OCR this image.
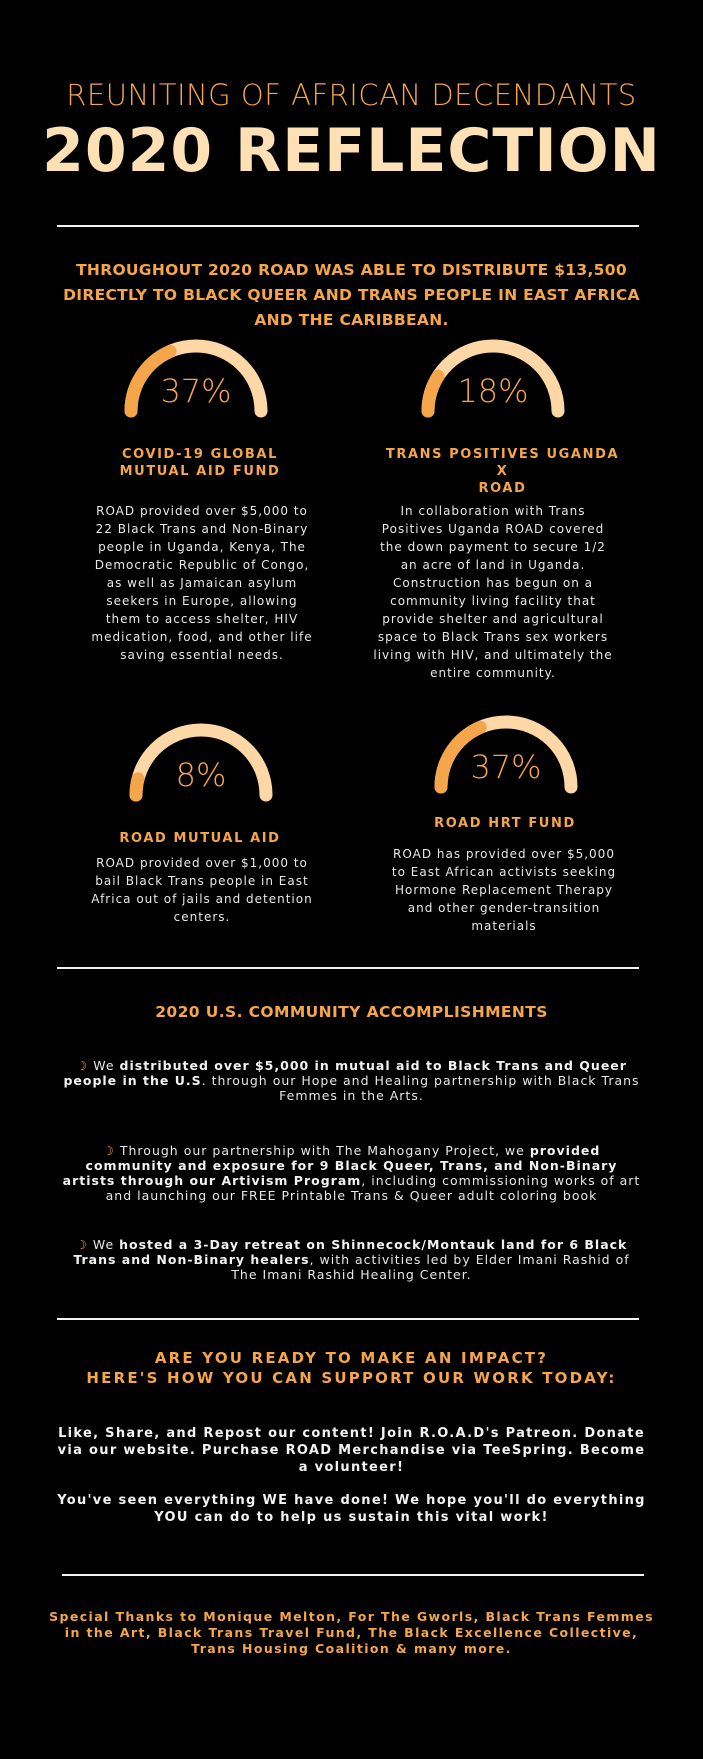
REUNITING OF AFRICAN DECENDANTS
2020 REFLECTION
THROUGHOUT 2020 ROAD WAS ABLE TO DISTRIBUTE $13,500 DIRECTLY TO BLACK QUEER AND TRANS PEOPLE IN EAST AFRICA AND THE CARIBBEAN.
37%
COVID-19 GLOBAL
MUTUAL AID FUND
ROAD provided over $5,000 to 22 Black Trans and Non-Binary people in Uganda, Kenya, The Democratic Republic of Congo, as well as Jamaican asylum seekers in Europe, allowing them to access shelter, HIV medication, food, and other life saving essential needs.
18%
TRANS POSITIVES UGANDA
X
ROAD
In collaboration with Trans Positives Uganda ROAD covered the down payment to secure 1/2 an acre of land in Uganda. Construction has begun on a community living facility that provide shelter and agricultural space to Black Trans sex workers living with HIV, and ultimately the entire community.
8%
ROAD MUTUAL AID
ROAD provided over $1,000 to bail Black Trans people in East Africa out of jails and detention centers.
37%
ROAD HRT FUND
ROAD has provided over $5,000 to East African activists seeking Hormone Replacement Therapy and other gender-transition materials
2020 U.S. COMMUNITY ACCOMPLISHMENTS
☽ We distributed over $5,000 in mutual aid to Black Trans and Queer people in the U.S. through our Hope and Healing partnership with Black Trans Femmes in the Arts.
☽ Through our partnership with The Mahogany Project, we provided community and exposure for 9 Black Queer, Trans, and Non-Binary artists through our Artivism Program, including commissioning works of art and launching our FREE Printable Trans & Queer adult coloring book
☽ We hosted a 3-Day retreat on Shinnecock/Montauk land for 6 Black Trans and Non-Binary healers, with activities led by Elder Imani Rashid of The Imani Rashid Healing Center.
ARE YOU READY TO MAKE AN IMPACT?
HERE'S HOW YOU CAN SUPPORT OUR WORK TODAY:
Like, Share, and Repost our content! Join R.O.A.D's Patreon. Donate via our website. Purchase ROAD Merchandise via TeeSpring. Become a volunteer!
You've seen everything WE have done! We hope you'll do everything YOU can do to help us sustain this vital work!
Special Thanks to Monique Melton, For The Gworls, Black Trans Femmes in the Art, Black Trans Travel Fund, The Black Excellence Collective, Trans Housing Coalition & many more.
